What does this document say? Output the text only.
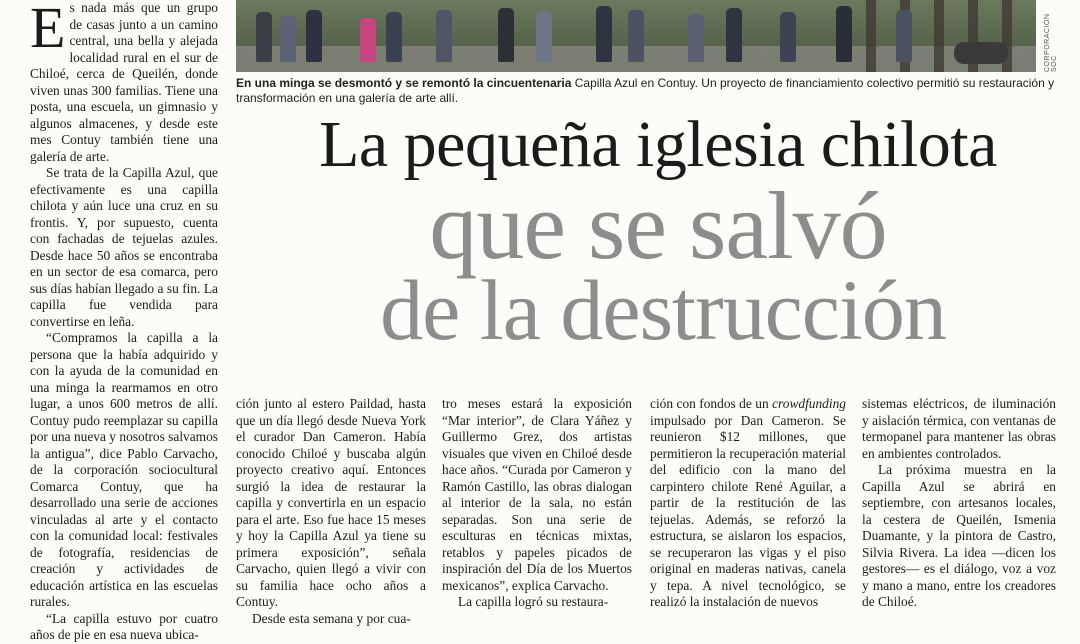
Es nada más que un grupo de casas junto a un camino central, una bella y alejada localidad rural en el sur de Chiloé, cerca de Queilén, donde viven unas 300 familias. Tiene una posta, una escuela, un gimnasio y algunos almacenes, y desde este mes Contuy también tiene una galería de arte.

Se trata de la Capilla Azul, que efectivamente es una capilla chilota y aún luce una cruz en su frontis. Y, por supuesto, cuenta con fachadas de tejuelas azules. Desde hace 50 años se encontraba en un sector de esa comarca, pero sus días habían llegado a su fin. La capilla fue vendida para convertirse en leña.

“Compramos la capilla a la persona que la había adquirido y con la ayuda de la comunidad en una minga la rearmamos en otro lugar, a unos 600 metros de allí. Contuy pudo reemplazar su capilla por una nueva y nosotros salvamos la antigua”, dice Pablo Carvacho, de la corporación sociocultural Comarca Contuy, que ha desarrollado una serie de acciones vinculadas al arte y el contacto con la comunidad local: festivales de fotografía, residencias de creación y actividades de educación artística en las escuelas rurales.

“La capilla estuvo por cuatro años de pie en esa nueva ubica-

CORPORACIÓN SOC
En una minga se desmontó y se remontó la cincuentenaria Capilla Azul en Contuy. Un proyecto de financiamiento colectivo permitió su restauración y transformación en una galería de arte allí.
La pequeña iglesia chilota
que se salvó
de la destrucción

ción junto al estero Paildad, hasta que un día llegó desde Nueva York el curador Dan Cameron. Había conocido Chiloé y buscaba algún proyecto creativo aquí. Entonces surgió la idea de restaurar la capilla y convertirla en un espacio para el arte. Eso fue hace 15 meses y hoy la Capilla Azul ya tiene su primera exposición”, señala Carvacho, quien llegó a vivir con su familia hace ocho años a Contuy.

Desde esta semana y por cua-

tro meses estará la exposición “Mar interior”, de Clara Yáñez y Guillermo Grez, dos artistas visuales que viven en Chiloé desde hace años. “Curada por Cameron y Ramón Castillo, las obras dialogan al interior de la sala, no están separadas. Son una serie de esculturas en técnicas mixtas, retablos y papeles picados de inspiración del Día de los Muertos mexicanos”, explica Carvacho.

La capilla logró su restaura-

ción con fondos de un crowdfunding impulsado por Dan Cameron. Se reunieron $12 millones, que permitieron la recuperación material del edificio con la mano del carpintero chilote René Aguilar, a partir de la restitución de las tejuelas. Además, se reforzó la estructura, se aislaron los espacios, se recuperaron las vigas y el piso original en maderas nativas, canela y tepa. A nivel tecnológico, se realizó la instalación de nuevos

sistemas eléctricos, de iluminación y aislación térmica, con ventanas de termopanel para mantener las obras en ambientes controlados.

La próxima muestra en la Capilla Azul se abrirá en septiembre, con artesanos locales, la cestera de Queilén, Ismenia Duamante, y la pintora de Castro, Silvia Rivera. La idea —dicen los gestores— es el diálogo, voz a voz y mano a mano, entre los creadores de Chiloé.
